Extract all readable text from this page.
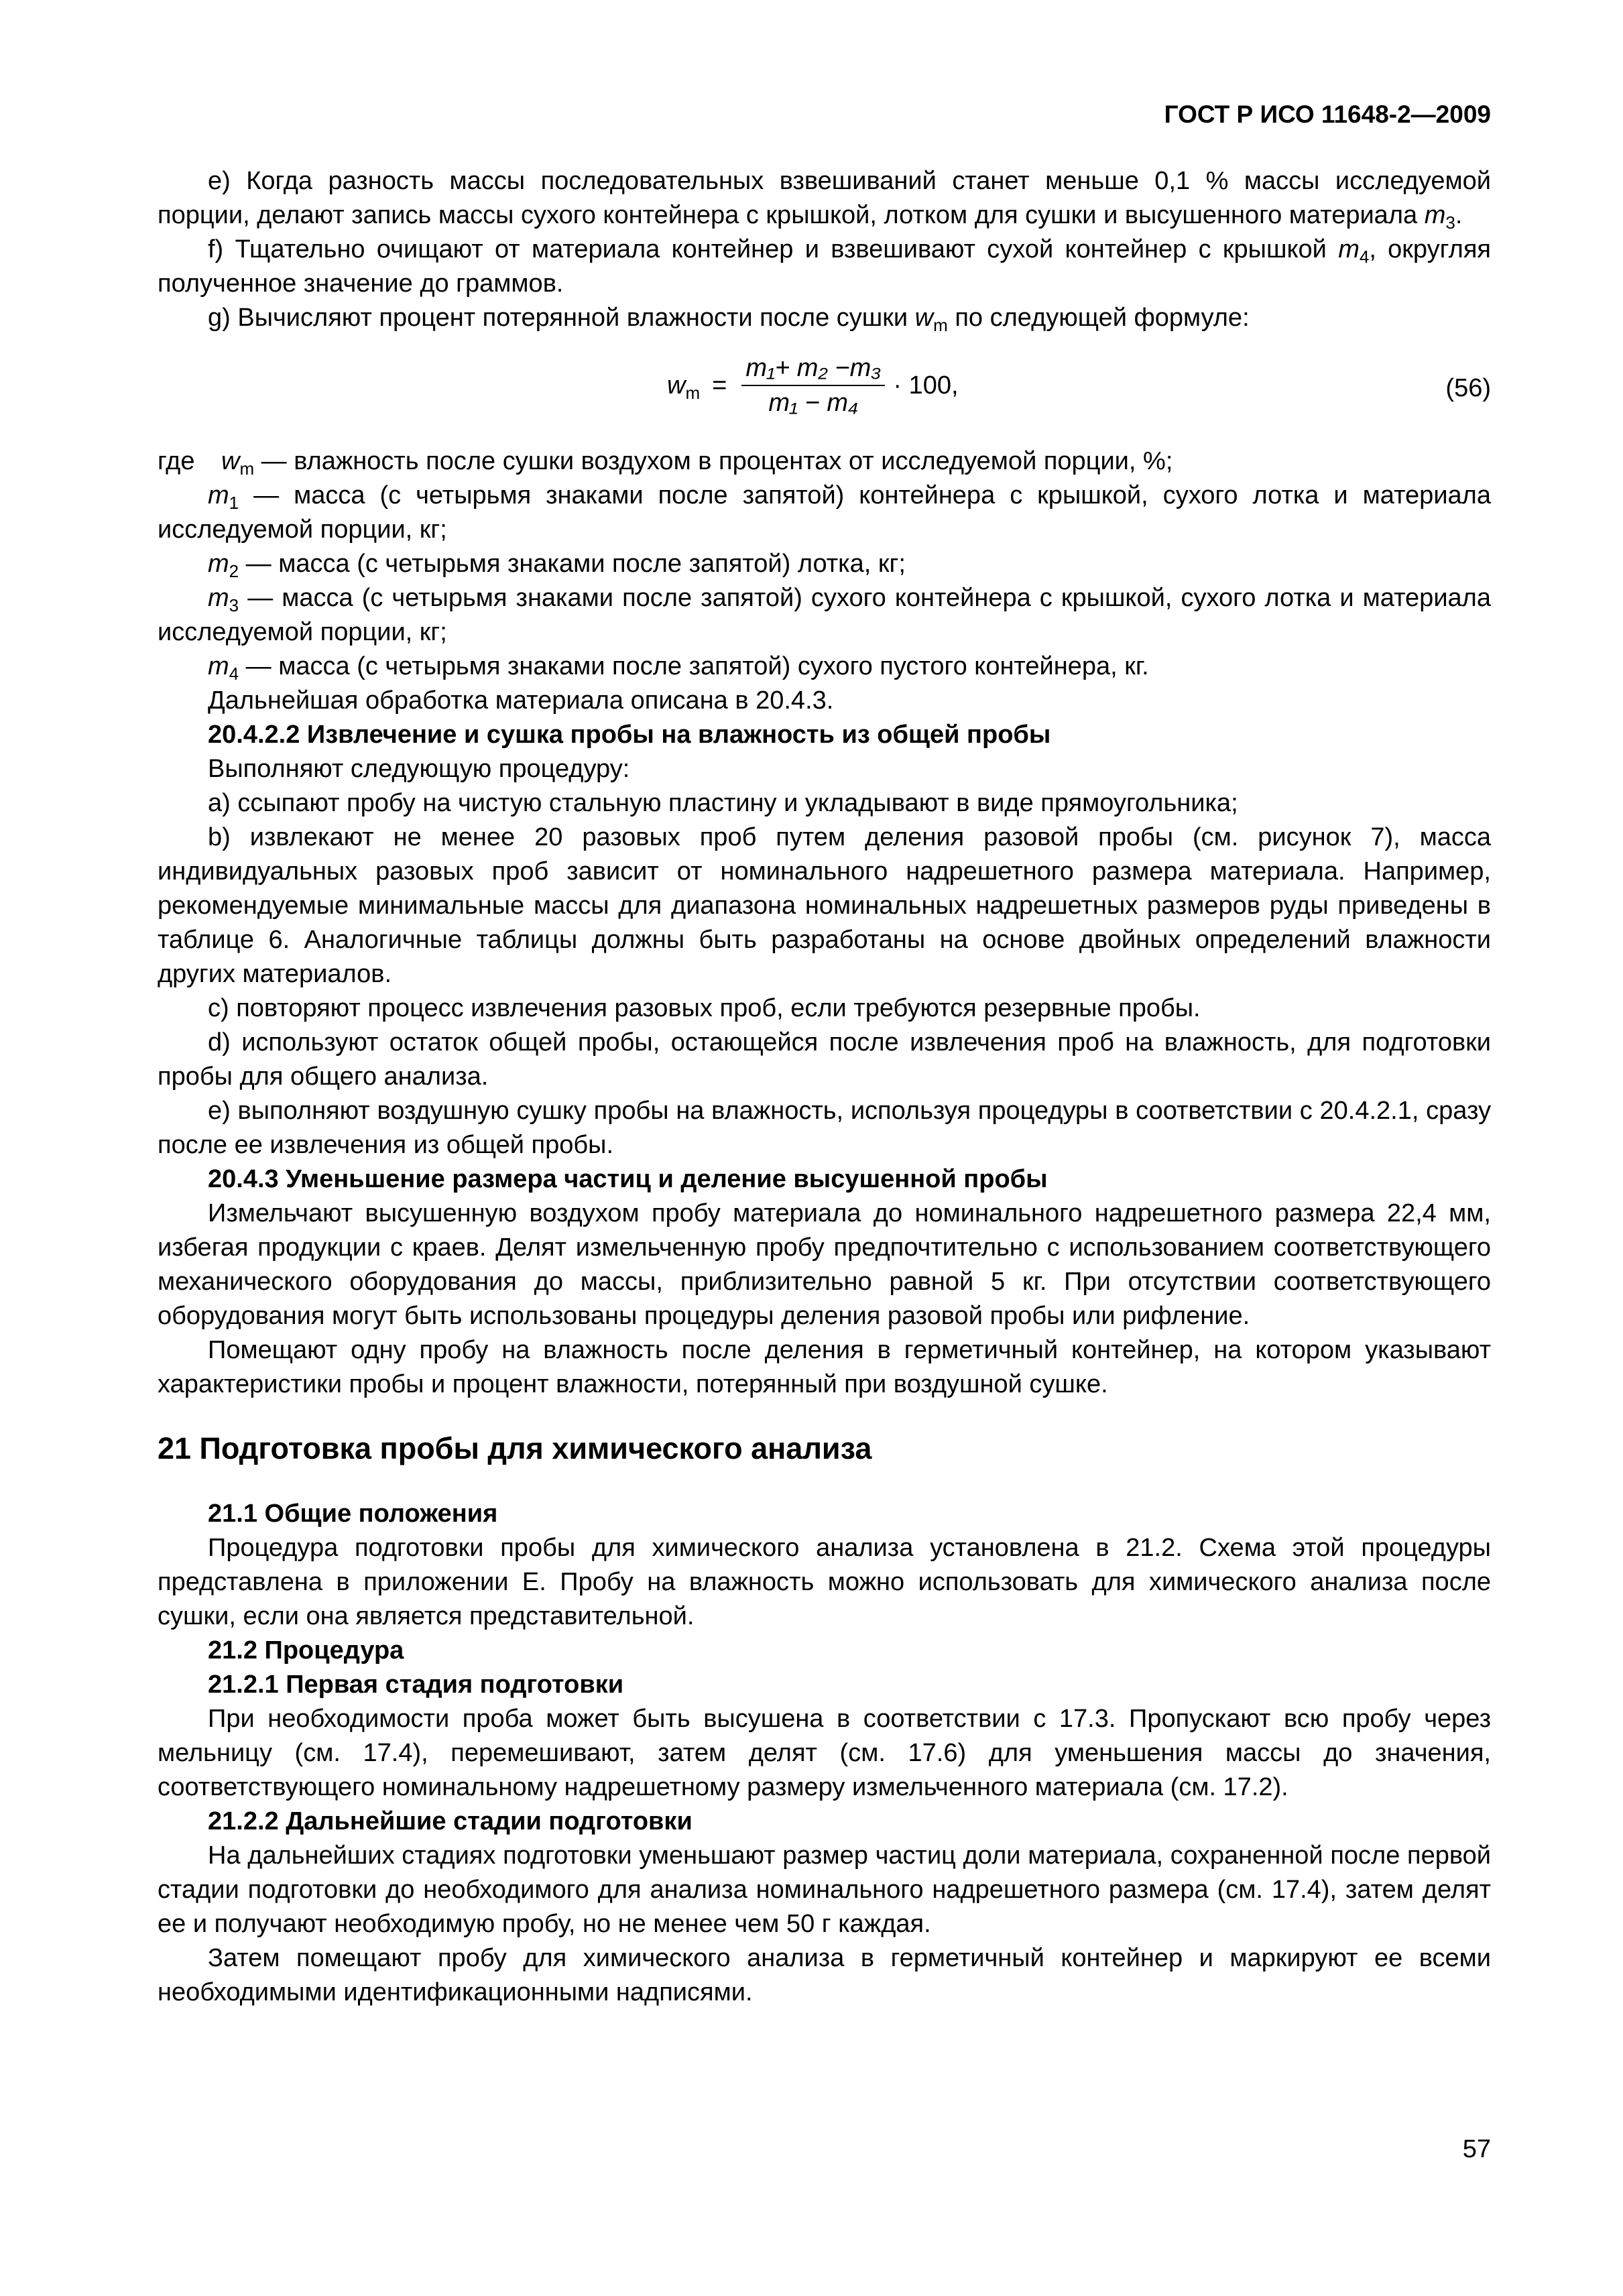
ГОСТ Р ИСО 11648-2—2009

е) Когда разность массы последовательных взвешиваний станет меньше 0,1 % массы исследуемой порции, делают запись массы сухого контейнера с крышкой, лотком для сушки и высушенного материала $m_3$.

f) Тщательно очищают от материала контейнер и взвешивают сухой контейнер с крышкой $m_4$, округляя полученное значение до граммов.

g) Вычисляют процент потерянной влажности после сушки $w_m$ по следующей формуле:

$w_m = \frac{\text{m₁+ m₂ −m₃}}{\text{m₁ − m₄}} \cdot 100$,	(56)

где $w_m$ — влажность после сушки воздухом в процентах от исследуемой порции, %;

$m_1$ — масса (с четырьмя знаками после запятой) контейнера с крышкой, сухого лотка и материала исследуемой порции, кг;

$m_2$ — масса (с четырьмя знаками после запятой) лотка, кг;

$m_3$ — масса (с четырьмя знаками после запятой) сухого контейнера с крышкой, сухого лотка и материала исследуемой порции, кг;

$m_4$ — масса (с четырьмя знаками после запятой) сухого пустого контейнера, кг.

Дальнейшая обработка материала описана в 20.4.3.

20.4.2.2 Извлечение и сушка пробы на влажность из общей пробы

Выполняют следующую процедуру:

a) ссыпают пробу на чистую стальную пластину и укладывают в виде прямоугольника;

b) извлекают не менее 20 разовых проб путем деления разовой пробы (см. рисунок 7), масса индивидуальных разовых проб зависит от номинального надрешетного размера материала. Например, рекомендуемые минимальные массы для диапазона номинальных надрешетных размеров руды приведены в таблице 6. Аналогичные таблицы должны быть разработаны на основе двойных определений влажности других материалов.

c) повторяют процесс извлечения разовых проб, если требуются резервные пробы.

d) используют остаток общей пробы, остающейся после извлечения проб на влажность, для подготовки пробы для общего анализа.

e) выполняют воздушную сушку пробы на влажность, используя процедуры в соответствии с 20.4.2.1, сразу после ее извлечения из общей пробы.

20.4.3 Уменьшение размера частиц и деление высушенной пробы

Измельчают высушенную воздухом пробу материала до номинального надрешетного размера 22,4 мм, избегая продукции с краев. Делят измельченную пробу предпочтительно с использованием соответствующего механического оборудования до массы, приблизительно равной 5 кг. При отсутствии соответствующего оборудования могут быть использованы процедуры деления разовой пробы или рифление.

Помещают одну пробу на влажность после деления в герметичный контейнер, на котором указывают характеристики пробы и процент влажности, потерянный при воздушной сушке.

21 Подготовка пробы для химического анализа

21.1 Общие положения

Процедура подготовки пробы для химического анализа установлена в 21.2. Схема этой процедуры представлена в приложении Е. Пробу на влажность можно использовать для химического анализа после сушки, если она является представительной.

21.2 Процедура

21.2.1 Первая стадия подготовки

При необходимости проба может быть высушена в соответствии с 17.3. Пропускают всю пробу через мельницу (см. 17.4), перемешивают, затем делят (см. 17.6) для уменьшения массы до значения, соответствующего номинальному надрешетному размеру измельченного материала (см. 17.2).

21.2.2 Дальнейшие стадии подготовки

На дальнейших стадиях подготовки уменьшают размер частиц доли материала, сохраненной после первой стадии подготовки до необходимого для анализа номинального надрешетного размера (см. 17.4), затем делят ее и получают необходимую пробу, но не менее чем 50 г каждая.

Затем помещают пробу для химического анализа в герметичный контейнер и маркируют ее всеми необходимыми идентификационными надписями.

57
